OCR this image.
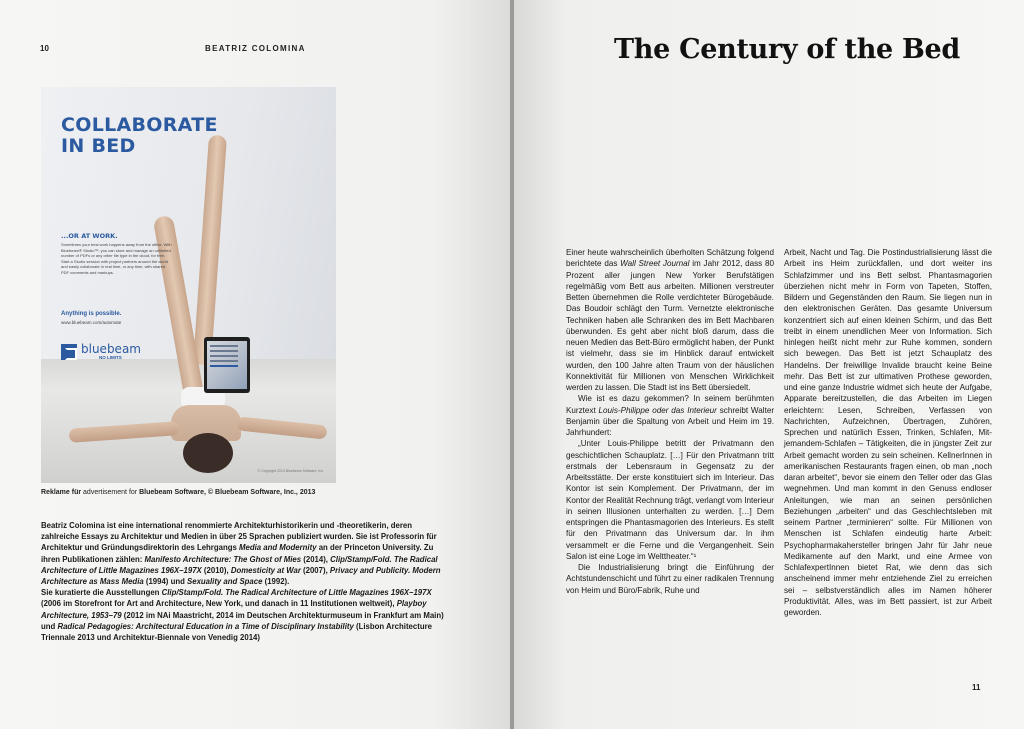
10	BEATRIZ COLOMINA
COLLABORATE
IN BED
...OR AT WORK.
Sometimes your best work happens away from the office. With Bluebeam® Studio™, you can store and manage an unlimited number of PDFs or any other file type in the cloud, for free. Start a Studio session with project partners around the world and easily collaborate in real time, or any time, with shared PDF comments and markups.
Anything is possible.
www.bluebeam.com/automate
bluebeam
NO LIMITS
© Copyright 2013 Bluebeam Software, Inc.
Reklame für advertisement for Bluebeam Software, © Bluebeam Software, Inc., 2013
Beatriz Colomina ist eine international renommierte Architekturhistorikerin und -theoretikerin, deren zahlreiche Essays zu Architektur und Medien in über 25 Sprachen publiziert wurden. Sie ist Professorin für Architektur und Gründungsdirektorin des Lehrgangs Media and Modernity an der Princeton University. Zu ihren Publikationen zählen: Manifesto Architecture: The Ghost of Mies (2014), Clip/Stamp/Fold. The Radical Architecture of Little Magazines 196X–197X (2010), Domesticity at War (2007), Privacy and Publicity. Modern Architecture as Mass Media (1994) und Sexuality and Space (1992).
Sie kuratierte die Ausstellungen Clip/Stamp/Fold. The Radical Architecture of Little Magazines 196X–197X (2006 im Storefront for Art and Architecture, New York, und danach in 11 Institutionen weltweit), Playboy Architecture, 1953–79 (2012 im NAi Maastricht, 2014 im Deutschen Architekturmuseum in Frankfurt am Main) und Radical Pedagogies: Architectural Education in a Time of Disciplinary Instability (Lisbon Architecture Triennale 2013 und Architektur-Biennale von Venedig 2014)
The Century of the Bed

Einer heute wahrscheinlich überholten Schätzung folgend berichtete das Wall Street Journal im Jahr 2012, dass 80 Prozent aller jungen New Yorker Berufstätigen regelmäßig vom Bett aus arbeiten. Millionen verstreuter Betten übernehmen die Rolle verdichteter Bürogebäude. Das Boudoir schlägt den Turm. Vernetzte elektronische Techniken haben alle Schranken des im Bett Machbaren überwunden. Es geht aber nicht bloß darum, dass die neuen Medien das Bett-Büro ermöglicht haben, der Punkt ist vielmehr, dass sie im Hinblick darauf entwickelt wurden, den 100 Jahre alten Traum von der häuslichen Konnektivität für Millionen von Menschen Wirklichkeit werden zu lassen. Die Stadt ist ins Bett übersiedelt.

Wie ist es dazu gekommen? In seinem berühmten Kurztext Louis-Philippe oder das Interieur schreibt Walter Benjamin über die Spaltung von Arbeit und Heim im 19. Jahrhundert:

„Unter Louis-Philippe betritt der Privatmann den geschichtlichen Schauplatz. […] Für den Privatmann tritt erstmals der Lebensraum in Gegensatz zu der Arbeitsstätte. Der erste konstituiert sich im Interieur. Das Kontor ist sein Komplement. Der Privatmann, der im Kontor der Realität Rechnung trägt, verlangt vom Interieur in seinen Illusionen unterhalten zu werden. […] Dem entspringen die Phantasmagorien des Interieurs. Es stellt für den Privatmann das Universum dar. In ihm versammelt er die Ferne und die Vergangenheit. Sein Salon ist eine Loge im Welttheater.“¹

Die Industrialisierung bringt die Einführung der Achtstundenschicht und führt zu einer radikalen Trennung von Heim und Büro/Fabrik, Ruhe und

Arbeit, Nacht und Tag. Die Postindustrialisierung lässt die Arbeit ins Heim zurückfallen, und dort weiter ins Schlafzimmer und ins Bett selbst. Phantasmagorien überziehen nicht mehr in Form von Tapeten, Stoffen, Bildern und Gegenständen den Raum. Sie liegen nun in den elektronischen Geräten. Das gesamte Universum konzentriert sich auf einen kleinen Schirm, und das Bett treibt in einem unendlichen Meer von Information. Sich hinlegen heißt nicht mehr zur Ruhe kommen, sondern sich bewegen. Das Bett ist jetzt Schauplatz des Handelns. Der freiwillige Invalide braucht keine Beine mehr. Das Bett ist zur ultimativen Prothese geworden, und eine ganze Industrie widmet sich heute der Aufgabe, Apparate bereitzustellen, die das Arbeiten im Liegen erleichtern: Lesen, Schreiben, Verfassen von Nachrichten, Aufzeichnen, Übertragen, Zuhören, Sprechen und natürlich Essen, Trinken, Schlafen, Mit-jemandem-Schlafen – Tätigkeiten, die in jüngster Zeit zur Arbeit gemacht worden zu sein scheinen. KellnerInnen in amerikanischen Restaurants fragen einen, ob man „noch daran arbeitet“, bevor sie einem den Teller oder das Glas wegnehmen. Und man kommt in den Genuss endloser Anleitungen, wie man an seinen persönlichen Beziehungen „arbeiten“ und das Geschlechtsleben mit seinem Partner „terminieren“ sollte. Für Millionen von Menschen ist Schlafen eindeutig harte Arbeit: Psychopharmakahersteller bringen Jahr für Jahr neue Medikamente auf den Markt, und eine Armee von SchlafexpertInnen bietet Rat, wie denn das sich anscheinend immer mehr entziehende Ziel zu erreichen sei – selbstverständlich alles im Namen höherer Produktivität. Alles, was im Bett passiert, ist zur Arbeit geworden.

11
